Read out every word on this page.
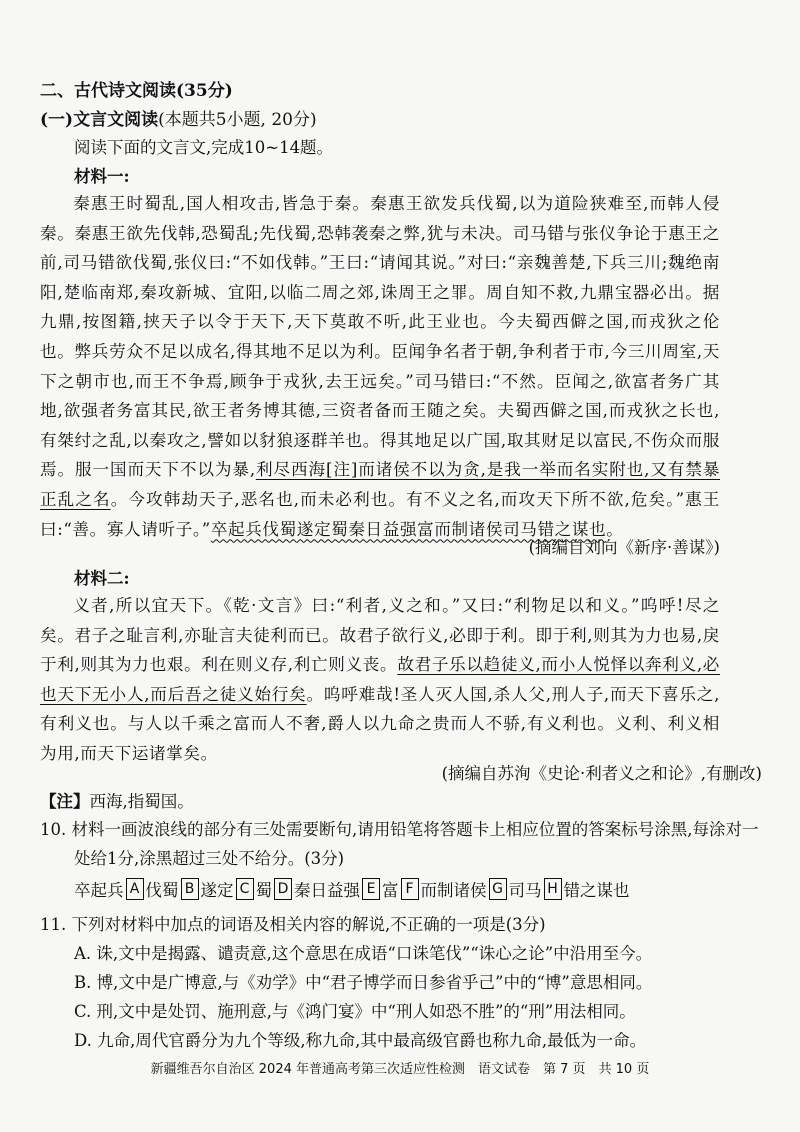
二、古代诗文阅读(35分)
(一)文言文阅读(本题共5小题, 20分)
阅读下面的文言文,完成10~14题。
材料一:
秦惠王时蜀乱,国人相攻击,皆急于秦。秦惠王欲发兵伐蜀,以为道险狭难至,而韩人侵秦。秦惠王欲先伐韩,恐蜀乱;先伐蜀,恐韩袭秦之弊,犹与未决。司马错与张仪争论于惠王之前,司马错欲伐蜀,张仪曰:“不如伐韩。”王曰:“请闻其说。”对曰:“亲魏善楚,下兵三川;魏绝南阳,楚临南郑,秦攻新城、宜阳,以临二周之郊,诛周王之罪。周自知不救,九鼎宝器必出。据九鼎,按图籍,挟天子以令于天下,天下莫敢不听,此王业也。今夫蜀西僻之国,而戎狄之伦也。弊兵劳众不足以成名,得其地不足以为利。臣闻争名者于朝,争利者于市,今三川周室,天下之朝市也,而王不争焉,顾争于戎狄,去王远矣。”司马错曰:“不然。臣闻之,欲富者务广其地,欲强者务富其民,欲王者务博其德,三资者备而王随之矣。夫蜀西僻之国,而戎狄之长也,有桀纣之乱,以秦攻之,譬如以豺狼逐群羊也。得其地足以广国,取其财足以富民,不伤众而服焉。服一国而天下不以为暴,利尽西海[注]而诸侯不以为贪,是我一举而名实附也,又有禁暴正乱之名。今攻韩劫天子,恶名也,而未必利也。有不义之名,而攻天下所不欲,危矣。”惠王曰:“善。寡人请听子。”卒起兵伐蜀遂定蜀秦日益强富而制诸侯司马错之谋也。
(摘编自刘向《新序·善谋》)
材料二:
义者,所以宜天下。《乾·文言》曰:“利者,义之和。”又曰:“利物足以和义。”呜呼!尽之矣。君子之耻言利,亦耻言夫徒利而已。故君子欲行义,必即于利。即于利,则其为力也易,戾于利,则其为力也艰。利在则义存,利亡则义丧。故君子乐以趋徒义,而小人悦怿以奔利义,必也天下无小人,而后吾之徒义始行矣。呜呼难哉!圣人灭人国,杀人父,刑人子,而天下喜乐之,有利义也。与人以千乘之富而人不奢,爵人以九命之贵而人不骄,有义利也。义利、利义相为用,而天下运诸掌矣。
(摘编自苏洵《史论·利者义之和论》,有删改)
【注】西海,指蜀国。
10. 材料一画波浪线的部分有三处需要断句,请用铅笔将答题卡上相应位置的答案标号涂黑,每涂对一处给1分,涂黑超过三处不给分。(3分)
卒起兵 A 伐蜀 B 遂定 C 蜀 D 秦日益强 E 富 F 而制诸侯 G 司马 H 错之谋也
11. 下列对材料中加点的词语及相关内容的解说,不正确的一项是(3分)
A. 诛,文中是揭露、谴责意,这个意思在成语“口诛笔伐”“诛心之论”中沿用至今。
B. 博,文中是广博意,与《劝学》中“君子博学而日参省乎己”中的“博”意思相同。
C. 刑,文中是处罚、施刑意,与《鸿门宴》中“刑人如恐不胜”的“刑”用法相同。
D. 九命,周代官爵分为九个等级,称九命,其中最高级官爵也称九命,最低为一命。
新疆维吾尔自治区 2024 年普通高考第三次适应性检测　语文试卷　第 7 页　共 10 页
